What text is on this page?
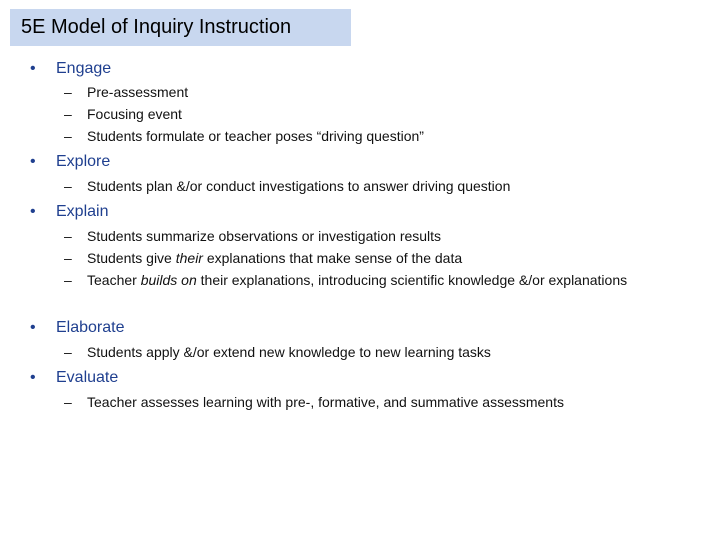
5E Model of Inquiry Instruction
•	Engage
–	Pre-assessment
–	Focusing event
–	Students formulate or teacher poses “driving question”
•	Explore
–	Students plan &/or conduct investigations to answer driving question
•	Explain
–	Students summarize observations or investigation results
–	Students give their explanations that make sense of the data
–	Teacher builds on their explanations, introducing scientific knowledge &/or explanations
•	Elaborate
–	Students apply &/or extend new knowledge to new learning tasks
•	Evaluate
–	Teacher assesses learning with pre-, formative, and summative assessments
